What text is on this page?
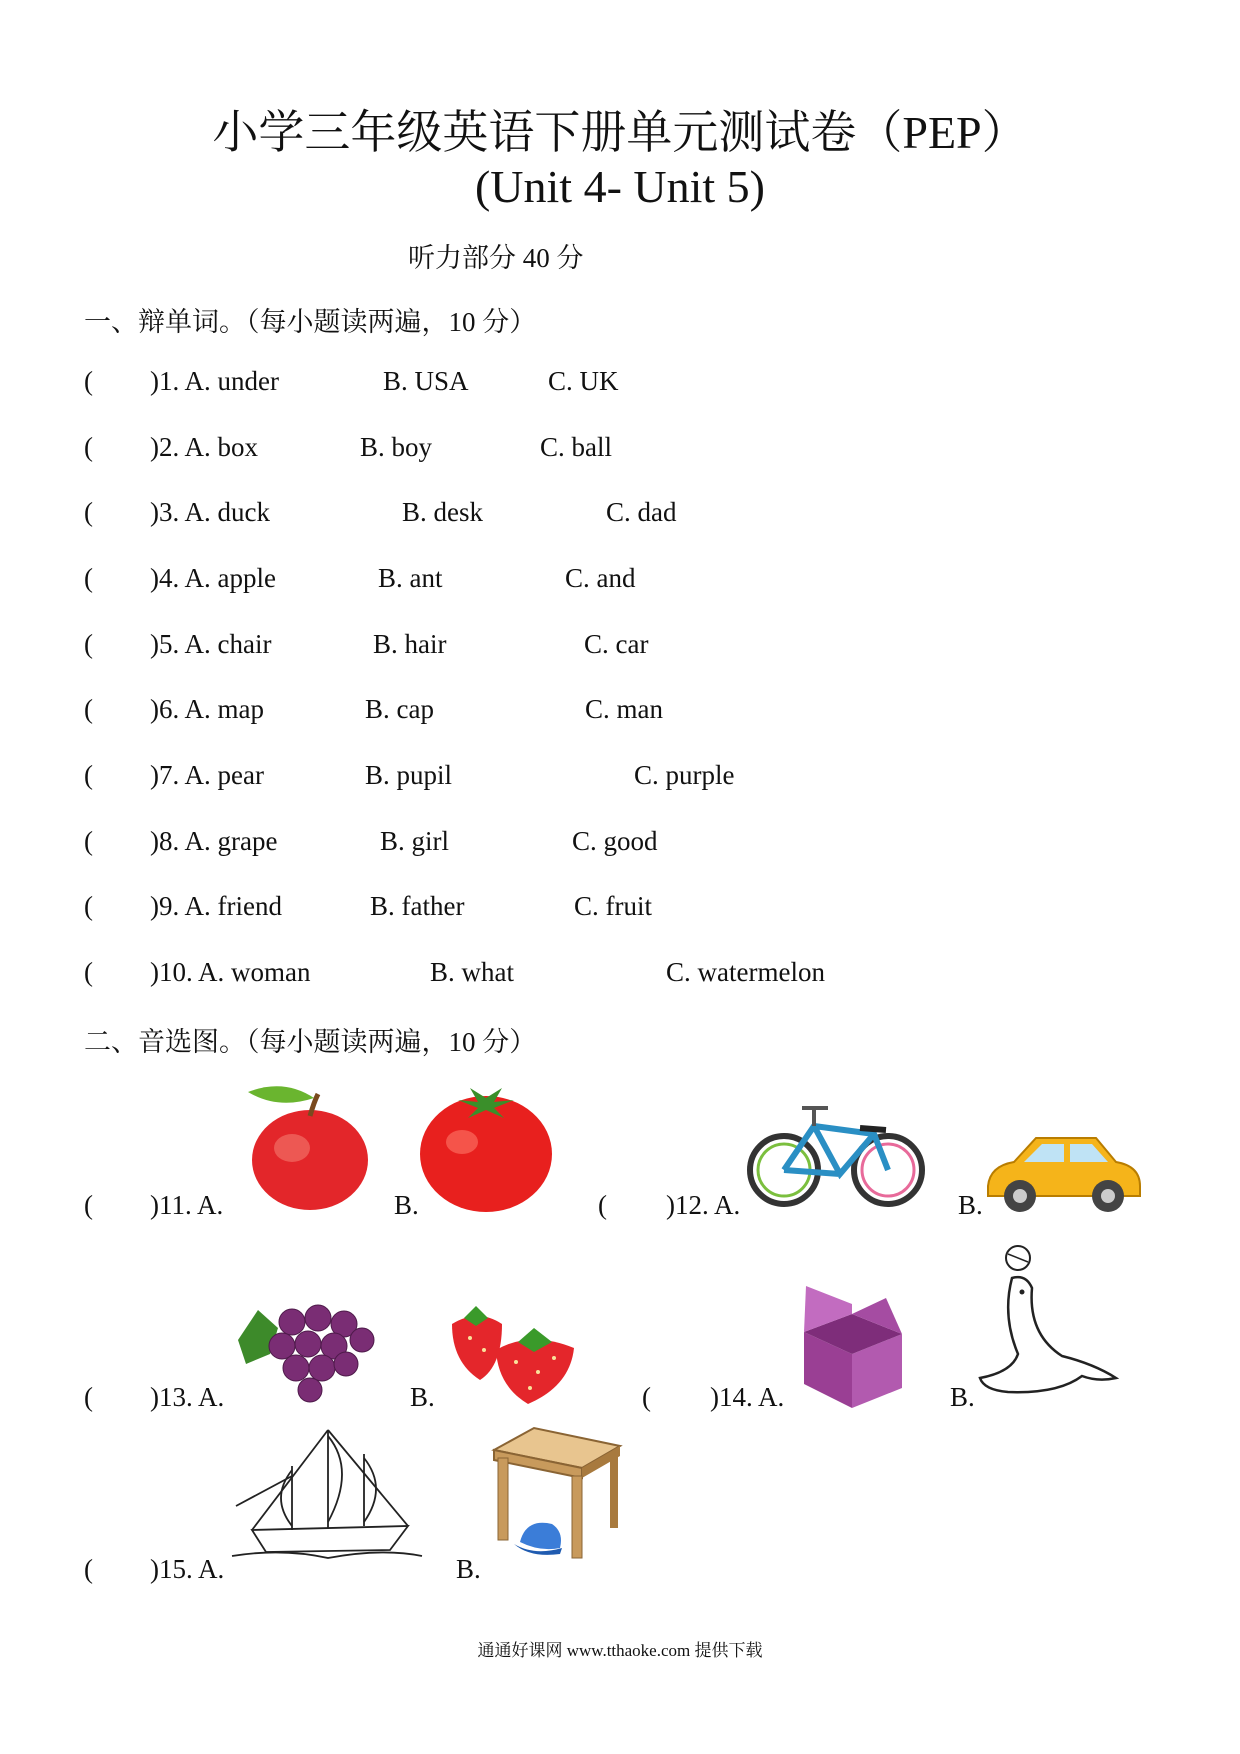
小学三年级英语下册单元测试卷（PEP）
(Unit 4- Unit 5)
听力部分 40 分
一、辩单词。（每小题读两遍，10 分）
( )1. A. under	B. USA	C. UK
( )2. A. box	B. boy	C. ball
( )3. A. duck	B. desk	C. dad
( )4. A. apple	B. ant	C. and
( )5. A. chair	B. hair	C. car
( )6. A. map	B. cap	C. man
( )7. A. pear	B. pupil	C. purple
( )8. A. grape	B. girl	C. good
( )9. A. friend	B. father	C. fruit
( )10. A. woman	B. what	C. watermelon
二、音选图。（每小题读两遍，10 分）
( )11. A.	B.	( )12. A.	B.
( )13. A.	B.	( )14. A.	B.
( )15. A.	B.
通通好课网 www.tthaoke.com 提供下载
